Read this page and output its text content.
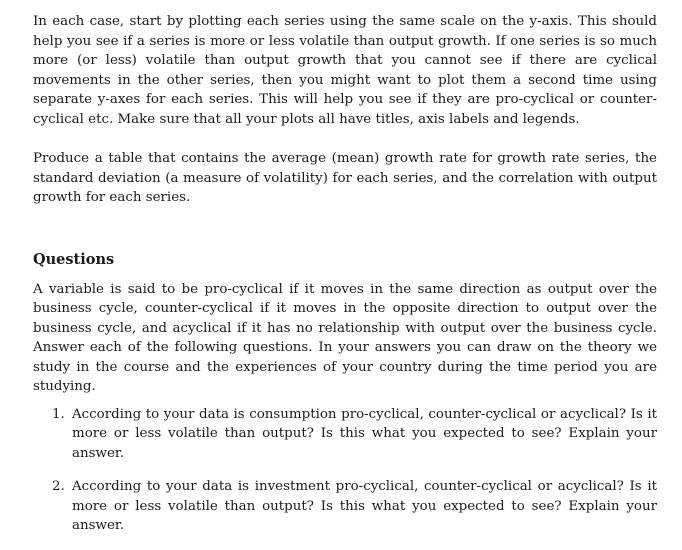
In each case, start by plotting each series using the same scale on the y-axis. This should help you see if a series is more or less volatile than output growth. If one series is so much more (or less) volatile than output growth that you cannot see if there are cyclical movements in the other series, then you might want to plot them a second time using separate y-axes for each series. This will help you see if they are pro-cyclical or counter-cyclical etc. Make sure that all your plots all have titles, axis labels and legends.

Produce a table that contains the average (mean) growth rate for growth rate series, the standard deviation (a measure of volatility) for each series, and the correlation with output growth for each series.

Questions

A variable is said to be pro-cyclical if it moves in the same direction as output over the business cycle, counter-cyclical if it moves in the opposite direction to output over the business cycle, and acyclical if it has no relationship with output over the business cycle. Answer each of the following questions. In your answers you can draw on the theory we study in the course and the experiences of your country during the time period you are studying.

1. According to your data is consumption pro-cyclical, counter-cyclical or acyclical? Is it more or less volatile than output? Is this what you expected to see? Explain your answer.

2. According to your data is investment pro-cyclical, counter-cyclical or acyclical? Is it more or less volatile than output? Is this what you expected to see? Explain your answer.
